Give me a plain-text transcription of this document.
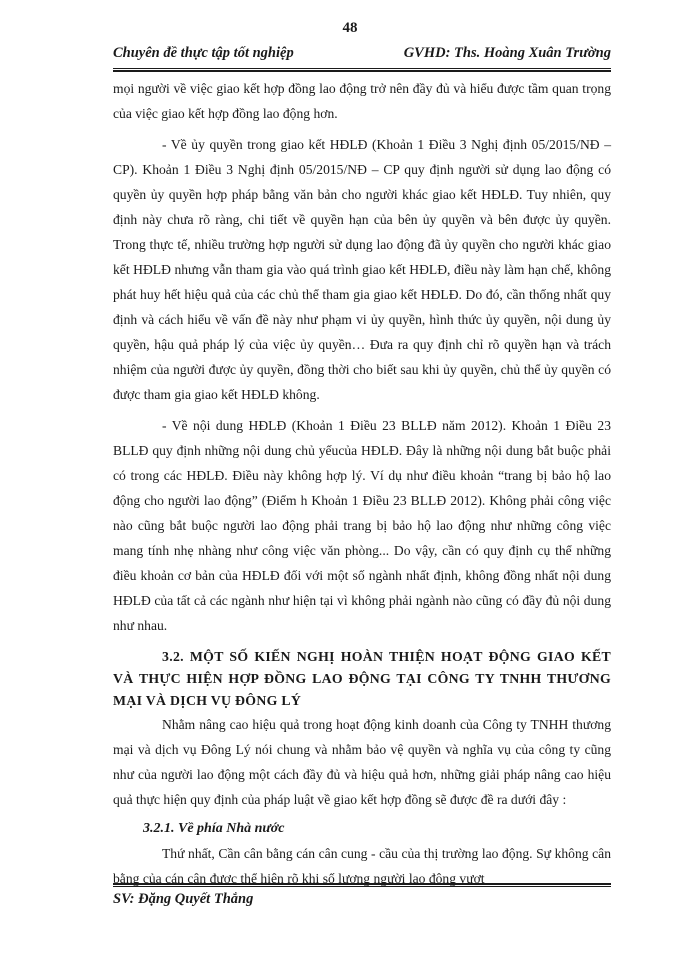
48
Chuyên đề thực tập tốt nghiệp	GVHD: Ths. Hoàng Xuân Trường

mọi người về việc giao kết hợp đồng lao động trở nên đầy đủ và hiểu được tầm quan trọng của việc giao kết hợp đồng lao động hơn.

- Về ủy quyền trong giao kết HĐLĐ (Khoản 1 Điều 3 Nghị định 05/2015/NĐ – CP). Khoản 1 Điều 3 Nghị định 05/2015/NĐ – CP quy định người sử dụng lao động có quyền ủy quyền hợp pháp bằng văn bản cho người khác giao kết HĐLĐ. Tuy nhiên, quy định này chưa rõ ràng, chi tiết về quyền hạn của bên ủy quyền và bên được ủy quyền. Trong thực tế, nhiều trường hợp người sử dụng lao động đã ủy quyền cho người khác giao kết HĐLĐ nhưng vẫn tham gia vào quá trình giao kết HĐLĐ, điều này làm hạn chế, không phát huy hết hiệu quả của các chủ thể tham gia giao kết HĐLĐ. Do đó, cần thống nhất quy định và cách hiểu về vấn đề này như phạm vi ủy quyền, hình thức ủy quyền, nội dung ủy quyền, hậu quả pháp lý của việc ủy quyền… Đưa ra quy định chỉ rõ quyền hạn và trách nhiệm của người được ủy quyền, đồng thời cho biết sau khi ủy quyền, chủ thể ủy quyền có được tham gia giao kết HĐLĐ không.

- Về nội dung HĐLĐ (Khoản 1 Điều 23 BLLĐ năm 2012). Khoản 1 Điều 23 BLLĐ quy định những nội dung chủ yếucủa HĐLĐ. Đây là những nội dung bắt buộc phải có trong các HĐLĐ. Điều này không hợp lý. Ví dụ như điều khoản “trang bị bảo hộ lao động cho người lao động” (Điểm h Khoản 1 Điều 23 BLLĐ 2012). Không phải công việc nào cũng bắt buộc người lao động phải trang bị bảo hộ lao động như những công việc mang tính nhẹ nhàng như công việc văn phòng... Do vậy, cần có quy định cụ thể những điều khoản cơ bản của HĐLĐ đối với một số ngành nhất định, không đồng nhất nội dung HĐLĐ của tất cả các ngành như hiện tại vì không phải ngành nào cũng có đầy đủ nội dung như nhau.

3.2. MỘT SỐ KIẾN NGHỊ HOÀN THIỆN HOẠT ĐỘNG GIAO KẾT VÀ THỰC HIỆN HỢP ĐỒNG LAO ĐỘNG TẠI CÔNG TY TNHH THƯƠNG MẠI VÀ DỊCH VỤ ĐÔNG LÝ

Nhằm nâng cao hiệu quả trong hoạt động kinh doanh của Công ty TNHH thương mại và dịch vụ Đông Lý nói chung và nhằm bảo vệ quyền và nghĩa vụ của công ty cũng như của người lao động một cách đầy đủ và hiệu quả hơn, những giải pháp nâng cao hiệu quả thực hiện quy định của pháp luật về giao kết hợp đồng sẽ được đề ra dưới đây :

3.2.1. Về phía Nhà nước

Thứ nhất, Cần cân bằng cán cân cung - cầu của thị trường lao động. Sự không cân bằng của cán cân được thể hiện rõ khi số lượng người lao động vượt

SV: Đặng Quyết Thắng
